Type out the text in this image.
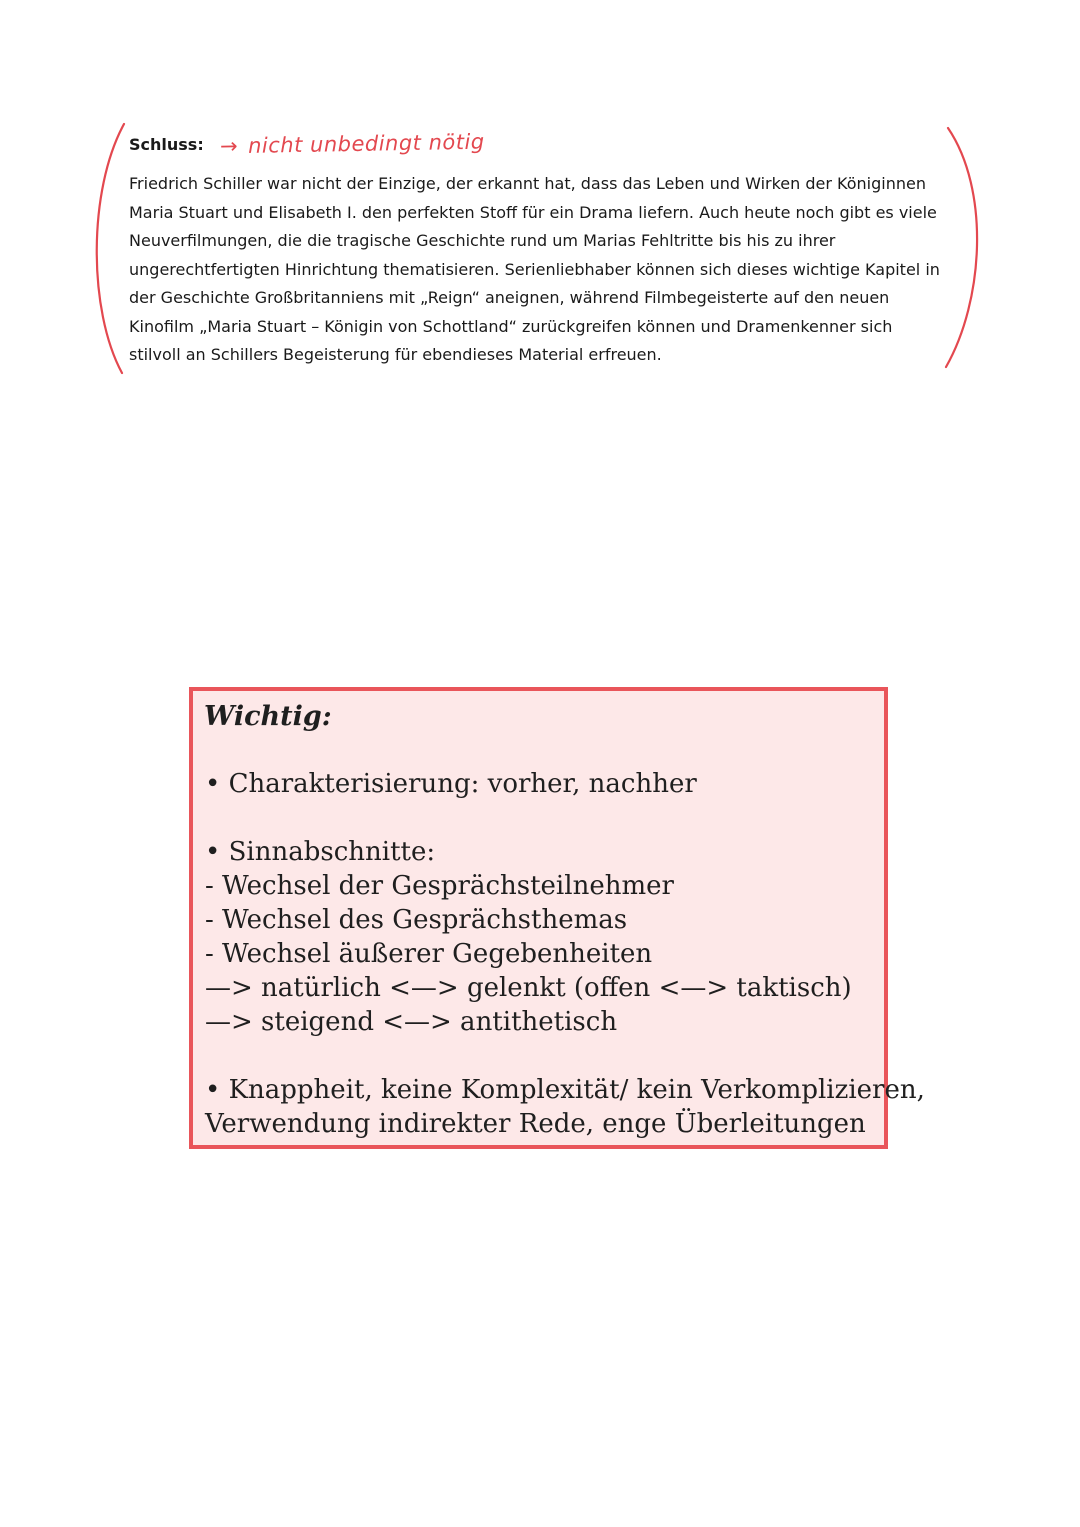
Schluss: → nicht unbedingt nötig
Friedrich Schiller war nicht der Einzige, der erkannt hat, dass das Leben und Wirken der Königinnen
Maria Stuart und Elisabeth I. den perfekten Stoff für ein Drama liefern. Auch heute noch gibt es viele
Neuverfilmungen, die die tragische Geschichte rund um Marias Fehltritte bis his zu ihrer
ungerechtfertigten Hinrichtung thematisieren. Serienliebhaber können sich dieses wichtige Kapitel in
der Geschichte Großbritanniens mit „Reign“ aneignen, während Filmbegeisterte auf den neuen
Kinofilm „Maria Stuart – Königin von Schottland“ zurückgreifen können und Dramenkenner sich
stilvoll an Schillers Begeisterung für ebendieses Material erfreuen.
Wichtig:
• Charakterisierung: vorher, nachher
• Sinnabschnitte:
- Wechsel der Gesprächsteilnehmer
- Wechsel des Gesprächsthemas
- Wechsel äußerer Gegebenheiten
—> natürlich <—> gelenkt (offen <—> taktisch)
—> steigend <—> antithetisch
• Knappheit, keine Komplexität/ kein Verkomplizieren,
Verwendung indirekter Rede, enge Überleitungen
